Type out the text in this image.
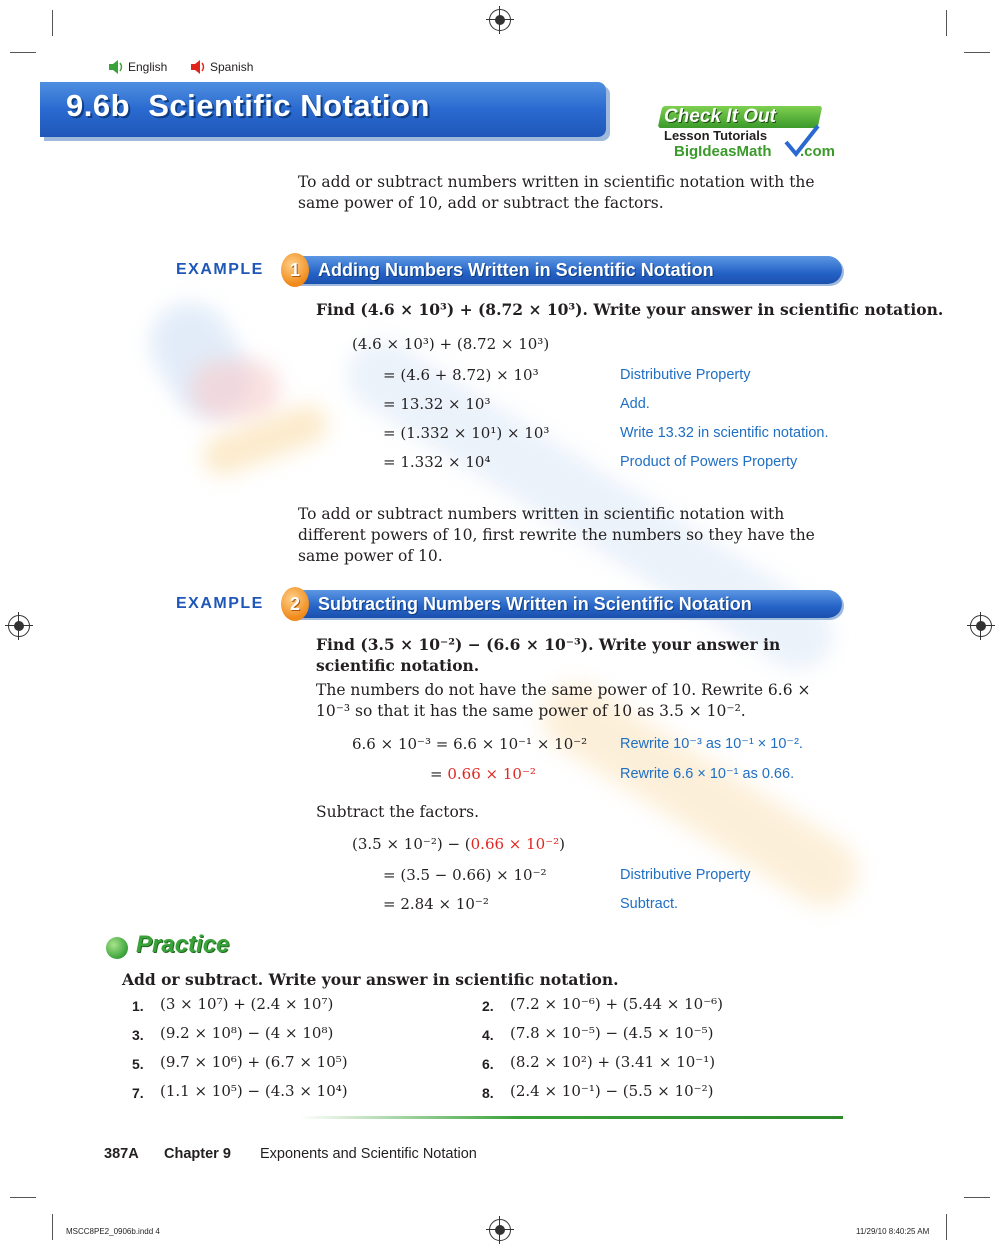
English	Spanish
9.6b  Scientific Notation	Check It Out
Lesson Tutorials
BigIdeasMath .com
To add or subtract numbers written in scientific notation with the same power of 10, add or subtract the factors.
EXAMPLE	Adding Numbers Written in Scientific Notation
1
Find (4.6 × 10³) + (8.72 × 10³). Write your answer in scientific notation.
(4.6 × 10³) + (8.72 × 10³)
= (4.6 + 8.72) × 10³	Distributive Property
= 13.32 × 10³	Add.
= (1.332 × 10¹) × 10³	Write 13.32 in scientific notation.
= 1.332 × 10⁴	Product of Powers Property
To add or subtract numbers written in scientific notation with different powers of 10, first rewrite the numbers so they have the same power of 10.
EXAMPLE	Subtracting Numbers Written in Scientific Notation
2
Find (3.5 × 10⁻²) − (6.6 × 10⁻³). Write your answer in scientific notation.
The numbers do not have the same power of 10. Rewrite 6.6 × 10⁻³ so that it has the same power of 10 as 3.5 × 10⁻².
6.6 × 10⁻³ = 6.6 × 10⁻¹ × 10⁻² Rewrite 10⁻³ as 10⁻¹ × 10⁻².
= 0.66 × 10⁻²	Rewrite 6.6 × 10⁻¹ as 0.66.
Subtract the factors.
(3.5 × 10⁻²) − (0.66 × 10⁻²)
= (3.5 − 0.66) × 10⁻²	Distributive Property
= 2.84 × 10⁻²	Subtract.
Practice
Add or subtract. Write your answer in scientific notation.
1. (3 × 10⁷) + (2.4 × 10⁷)	2. (7.2 × 10⁻⁶) + (5.44 × 10⁻⁶)
3. (9.2 × 10⁸) − (4 × 10⁸)	4. (7.8 × 10⁻⁵) − (4.5 × 10⁻⁵)
5. (9.7 × 10⁶) + (6.7 × 10⁵)	6. (8.2 × 10²) + (3.41 × 10⁻¹)
7. (1.1 × 10⁵) − (4.3 × 10⁴)	8. (2.4 × 10⁻¹) − (5.5 × 10⁻²)
387A Chapter 9 Exponents and Scientific Notation
MSCC8PE2_0906b.indd 4	11/29/10 8:40:25 AM
